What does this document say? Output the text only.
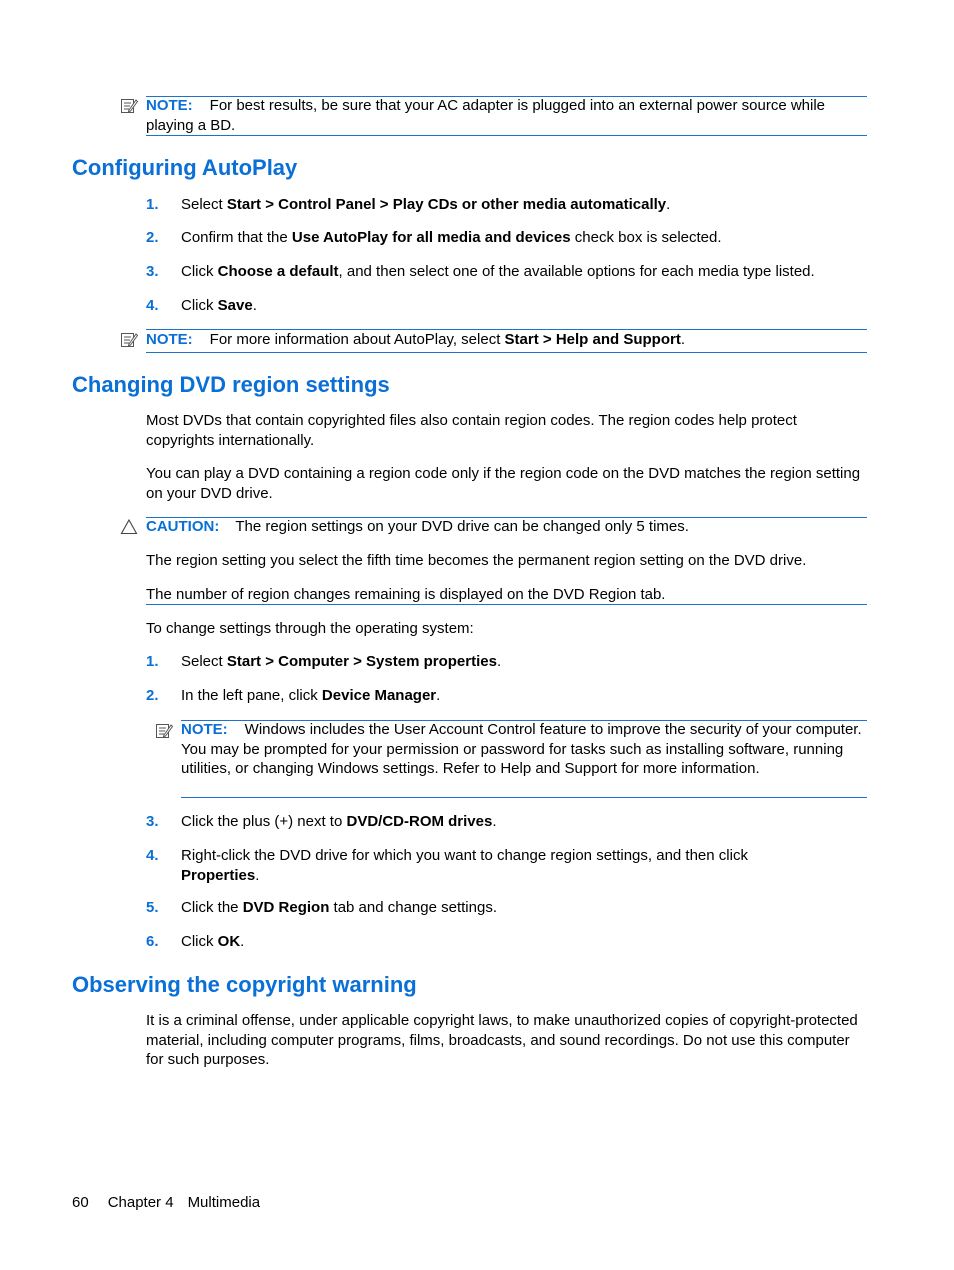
NOTE: For best results, be sure that your AC adapter is plugged into an external power source while playing a BD.
Configuring AutoPlay
1.	Select Start > Control Panel > Play CDs or other media automatically.
2.	Confirm that the Use AutoPlay for all media and devices check box is selected.
3.	Click Choose a default, and then select one of the available options for each media type listed.
4.	Click Save.
NOTE: For more information about AutoPlay, select Start > Help and Support.
Changing DVD region settings
Most DVDs that contain copyrighted files also contain region codes. The region codes help protect copyrights internationally.
You can play a DVD containing a region code only if the region code on the DVD matches the region setting on your DVD drive.
CAUTION: The region settings on your DVD drive can be changed only 5 times.
The region setting you select the fifth time becomes the permanent region setting on the DVD drive.
The number of region changes remaining is displayed on the DVD Region tab.
To change settings through the operating system:
1.	Select Start > Computer > System properties.
2.	In the left pane, click Device Manager.
NOTE: Windows includes the User Account Control feature to improve the security of your computer. You may be prompted for your permission or password for tasks such as installing software, running utilities, or changing Windows settings. Refer to Help and Support for more information.
3.	Click the plus (+) next to DVD/CD-ROM drives.
4.	Right-click the DVD drive for which you want to change region settings, and then click Properties.
5.	Click the DVD Region tab and change settings.
6.	Click OK.
Observing the copyright warning
It is a criminal offense, under applicable copyright laws, to make unauthorized copies of copyright-protected material, including computer programs, films, broadcasts, and sound recordings. Do not use this computer for such purposes.
60 Chapter 4 Multimedia
